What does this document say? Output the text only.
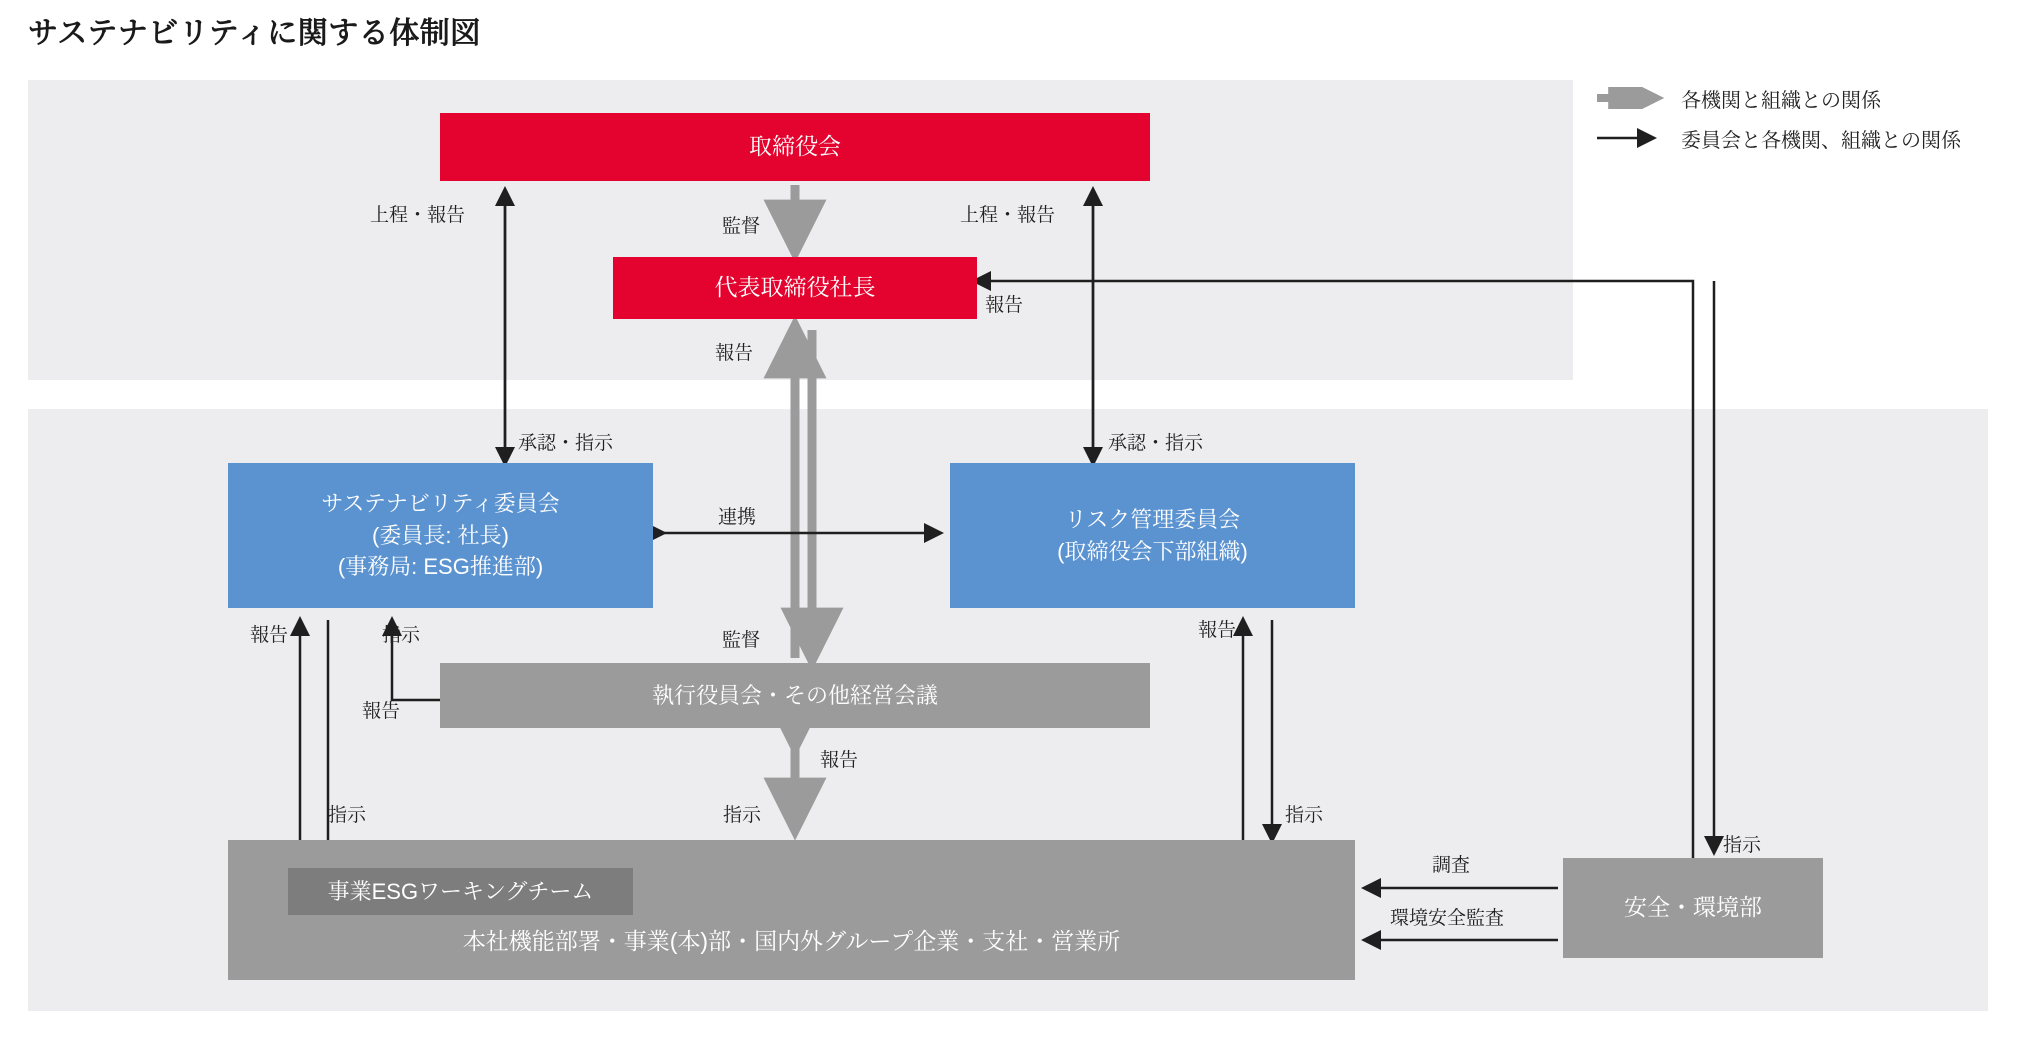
サステナビリティに関する体制図
取締役会
代表取締役社長
サステナビリティ委員会
(委員長: 社長)
(事務局: ESG推進部)
リスク管理委員会
(取締役会下部組織)
執行役員会・その他経営会議
本社機能部署・事業(本)部・国内外グループ企業・支社・営業所
事業ESGワーキングチーム
安全・環境部
上程・報告	上程・報告
監督
報告
報告
承認・指示	承認・指示
連携
監督
報告	指示
報告
報告
指示	指示	指示
報告
指示
調査
環境安全監査
各機関と組織との関係
委員会と各機関、組織との関係
